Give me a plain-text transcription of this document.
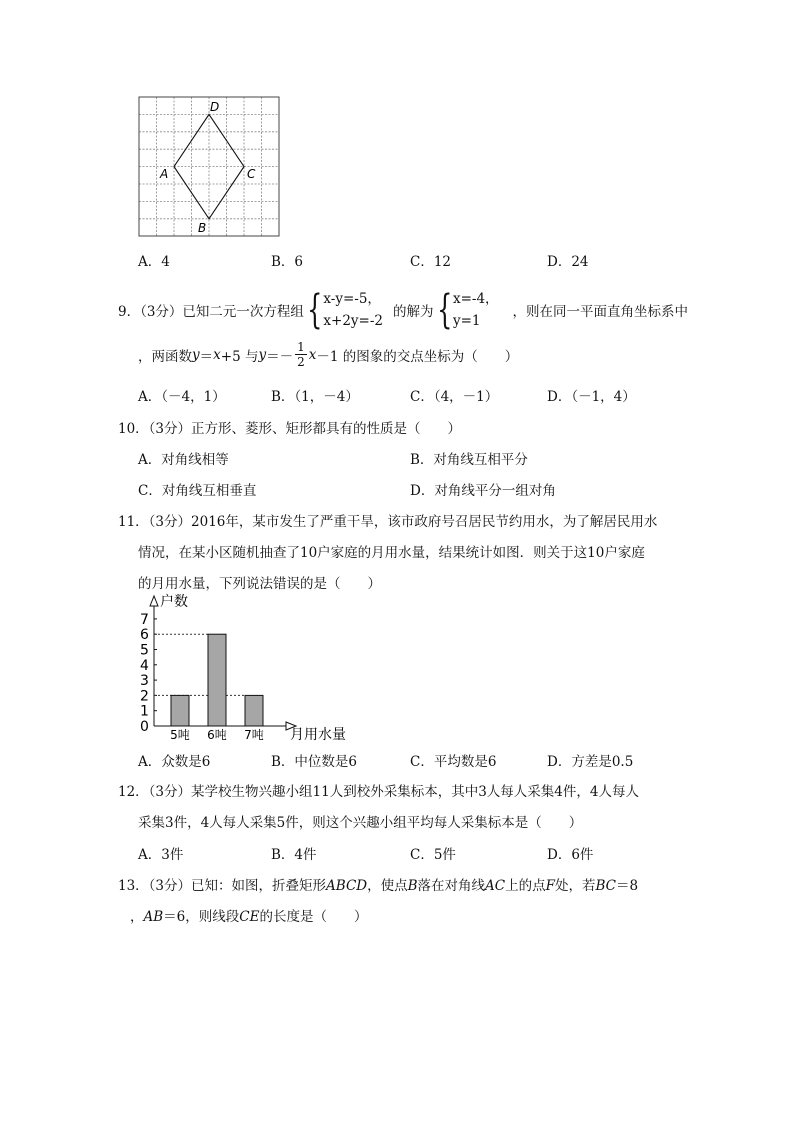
D
A	C
B
A．4	B．6	C．12	D．24
9．（3分）已知二元一次方程组 { x-y=-5，
x+2y=-2
的解为 { x=-4，
y=1
，则在同一平面直角坐标系中
，两函数 y ＝ x +5 与 $y =- \frac{1}{2}$ x －1 的图象的交点坐标为（　　）
A．（－4，1）	B．（1，－4）	C．（4，－1）	D．（－1，4）
10．（3分）正方形、菱形、矩形都具有的性质是（　　）
A．对角线相等	B．对角线互相平分
C．对角线互相垂直	D．对角线平分一组对角
11．（3分）2016年，某市发生了严重干旱，该市政府号召居民节约用水，为了解居民用水
情况，在某小区随机抽查了10户家庭的月用水量，结果统计如图．则关于这10户家庭
的月用水量，下列说法错误的是（　　）
户数
月用水量
0
1
2
3
4
5
6
7
5吨 6吨 7吨
A．众数是6	B．中位数是6	C．平均数是6	D．方差是0.5
12．（3分）某学校生物兴趣小组11人到校外采集标本，其中3人每人采集4件，4人每人
采集3件，4人每人采集5件，则这个兴趣小组平均每人采集标本是（　　）
A．3件	B．4件	C．5件	D．6件
13．（3分）已知：如图，折叠矩形ABCD，使点B落在对角线AC上的点F处，若BC＝8
，AB＝6，则线段CE的长度是（　　）
